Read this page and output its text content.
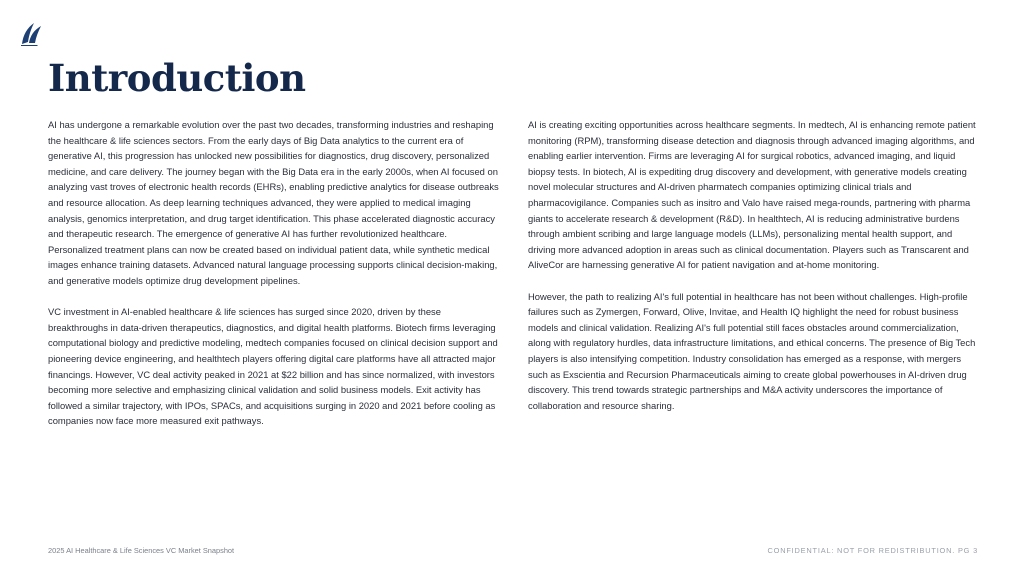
Introduction

AI has undergone a remarkable evolution over the past two decades, transforming industries and reshaping the healthcare & life sciences sectors. From the early days of Big Data analytics to the current era of generative AI, this progression has unlocked new possibilities for diagnostics, drug discovery, personalized medicine, and care delivery. The journey began with the Big Data era in the early 2000s, when AI focused on analyzing vast troves of electronic health records (EHRs), enabling predictive analytics for disease outbreaks and resource allocation. As deep learning techniques advanced, they were applied to medical imaging analysis, genomics interpretation, and drug target identification. This phase accelerated diagnostic accuracy and therapeutic research. The emergence of generative AI has further revolutionized healthcare. Personalized treatment plans can now be created based on individual patient data, while synthetic medical images enhance training datasets. Advanced natural language processing supports clinical decision-making, and generative models optimize drug development pipelines.

VC investment in AI-enabled healthcare & life sciences has surged since 2020, driven by these breakthroughs in data-driven therapeutics, diagnostics, and digital health platforms. Biotech firms leveraging computational biology and predictive modeling, medtech companies focused on clinical decision support and pioneering device engineering, and healthtech players offering digital care platforms have all attracted major financings. However, VC deal activity peaked in 2021 at $22 billion and has since normalized, with investors becoming more selective and emphasizing clinical validation and solid business models. Exit activity has followed a similar trajectory, with IPOs, SPACs, and acquisitions surging in 2020 and 2021 before cooling as companies now face more measured exit pathways.

AI is creating exciting opportunities across healthcare segments. In medtech, AI is enhancing remote patient monitoring (RPM), transforming disease detection and diagnosis through advanced imaging algorithms, and enabling earlier intervention. Firms are leveraging AI for surgical robotics, advanced imaging, and liquid biopsy tests. In biotech, AI is expediting drug discovery and development, with generative models creating novel molecular structures and AI-driven pharmatech companies optimizing clinical trials and pharmacovigilance. Companies such as insitro and Valo have raised mega-rounds, partnering with pharma giants to accelerate research & development (R&D). In healthtech, AI is reducing administrative burdens through ambient scribing and large language models (LLMs), personalizing mental health support, and driving more advanced adoption in areas such as clinical documentation. Players such as Transcarent and AliveCor are harnessing generative AI for patient navigation and at-home monitoring.

However, the path to realizing AI's full potential in healthcare has not been without challenges. High-profile failures such as Zymergen, Forward, Olive, Invitae, and Health IQ highlight the need for robust business models and clinical validation. Realizing AI's full potential still faces obstacles around commercialization, along with regulatory hurdles, data infrastructure limitations, and ethical concerns. The presence of Big Tech players is also intensifying competition. Industry consolidation has emerged as a response, with mergers such as Exscientia and Recursion Pharmaceuticals aiming to create global powerhouses in AI-driven drug discovery. This trend towards strategic partnerships and M&A activity underscores the importance of collaboration and resource sharing.

2025 AI Healthcare & Life Sciences VC Market Snapshot	CONFIDENTIAL: NOT FOR REDISTRIBUTION. PG 3
